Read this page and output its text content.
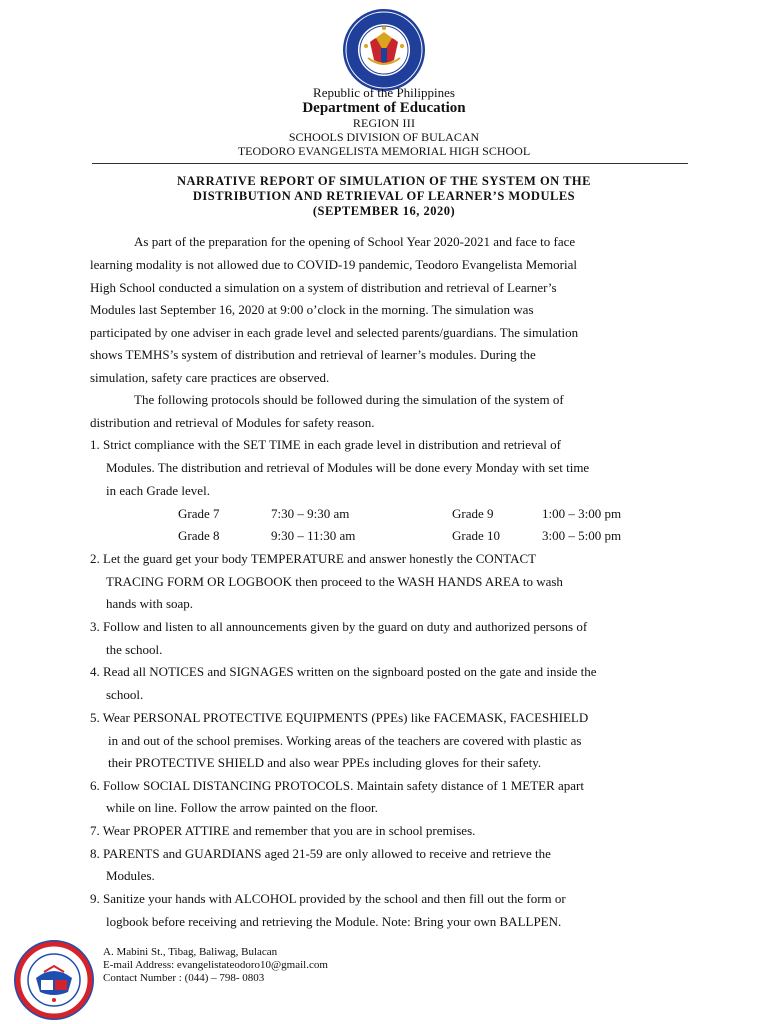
Republic of the Philippines
Department of Education
REGION III
SCHOOLS DIVISION OF BULACAN
TEODORO EVANGELISTA MEMORIAL HIGH SCHOOL
NARRATIVE REPORT OF SIMULATION OF THE SYSTEM ON THE
DISTRIBUTION AND RETRIEVAL OF LEARNER’S MODULES
(SEPTEMBER 16, 2020)
As part of the preparation for the opening of School Year 2020-2021 and face to face
learning modality is not allowed due to COVID-19 pandemic, Teodoro Evangelista Memorial
High School conducted a simulation on a system of distribution and retrieval of Learner’s
Modules last September 16, 2020 at 9:00 o’clock in the morning. The simulation was
participated by one adviser in each grade level and selected parents/guardians. The simulation
shows TEMHS’s system of distribution and retrieval of learner’s modules. During the
simulation, safety care practices are observed.
The following protocols should be followed during the simulation of the system of
distribution and retrieval of Modules for safety reason.
1. Strict compliance with the SET TIME in each grade level in distribution and retrieval of
Modules. The distribution and retrieval of Modules will be done every Monday with set time
in each Grade level.
Grade 7	7:30 – 9:30 am	Grade 9	1:00 – 3:00 pm
Grade 8	9:30 – 11:30 am	Grade 10	3:00 – 5:00 pm
2. Let the guard get your body TEMPERATURE and answer honestly the CONTACT
TRACING FORM OR LOGBOOK then proceed to the WASH HANDS AREA to wash
hands with soap.
3. Follow and listen to all announcements given by the guard on duty and authorized persons of
the school.
4. Read all NOTICES and SIGNAGES written on the signboard posted on the gate and inside the
school.
5. Wear PERSONAL PROTECTIVE EQUIPMENTS (PPEs) like FACEMASK, FACESHIELD
in and out of the school premises. Working areas of the teachers are covered with plastic as
their PROTECTIVE SHIELD and also wear PPEs including gloves for their safety.
6. Follow SOCIAL DISTANCING PROTOCOLS. Maintain safety distance of 1 METER apart
while on line. Follow the arrow painted on the floor.
7. Wear PROPER ATTIRE and remember that you are in school premises.
8. PARENTS and GUARDIANS aged 21-59 are only allowed to receive and retrieve the
Modules.
9. Sanitize your hands with ALCOHOL provided by the school and then fill out the form or
logbook before receiving and retrieving the Module. Note: Bring your own BALLPEN.
A. Mabini St., Tibag, Baliwag, Bulacan
E-mail Address: evangelistateodoro10@gmail.com
Contact Number : (044) – 798- 0803
